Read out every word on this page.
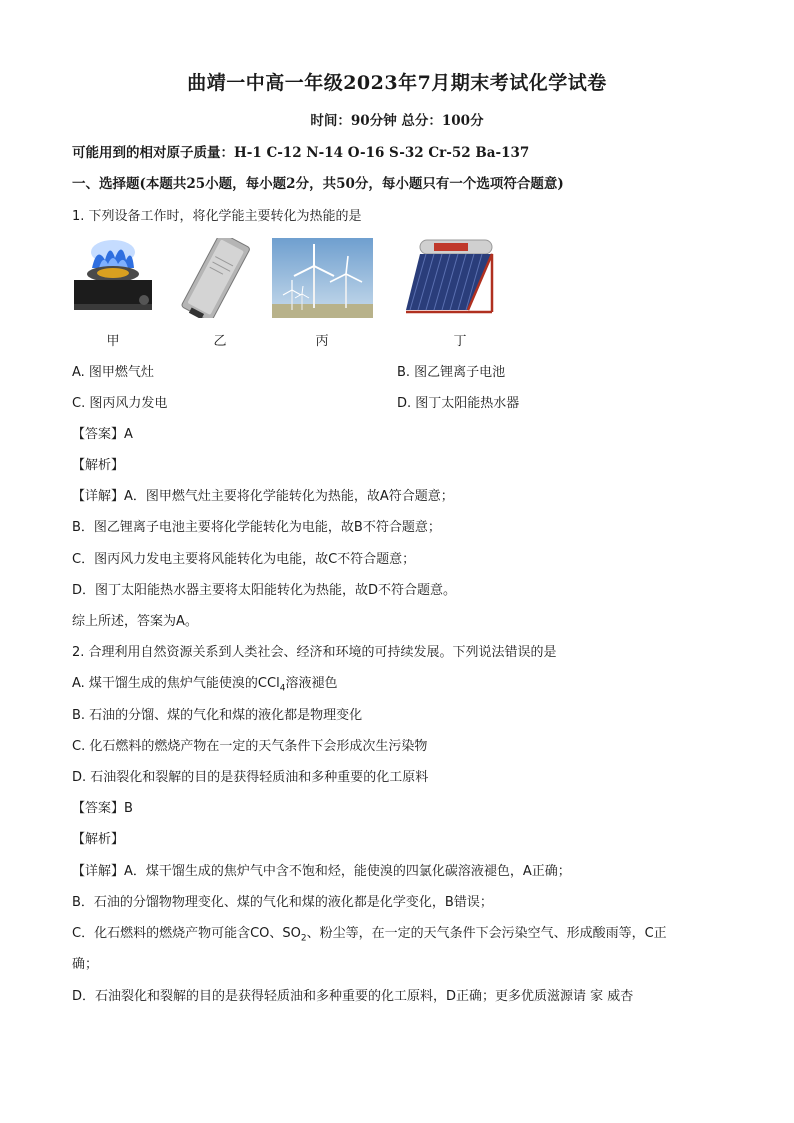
曲靖一中高一年级2023年7月期末考试化学试卷
时间：90分钟 总分：100分
可能用到的相对原子质量：H-1 C-12 N-14 O-16 S-32 Cr-52 Ba-137
一、选择题(本题共25小题，每小题2分，共50分，每小题只有一个选项符合题意)
1. 下列设备工作时，将化学能主要转化为热能的是
甲	乙	丙	丁
A. 图甲燃气灶	B. 图乙锂离子电池
C. 图丙风力发电	D. 图丁太阳能热水器
【答案】A
【解析】
【详解】A．图甲燃气灶主要将化学能转化为热能，故A符合题意；
B．图乙锂离子电池主要将化学能转化为电能，故B不符合题意；
C．图丙风力发电主要将风能转化为电能，故C不符合题意；
D．图丁太阳能热水器主要将太阳能转化为热能，故D不符合题意。
综上所述，答案为A。
2. 合理利用自然资源关系到人类社会、经济和环境的可持续发展。下列说法错误的是
A. 煤干馏生成的焦炉气能使溴的CCl$_4$溶液褪色
B. 石油的分馏、煤的气化和煤的液化都是物理变化
C. 化石燃料的燃烧产物在一定的天气条件下会形成次生污染物
D. 石油裂化和裂解的目的是获得轻质油和多种重要的化工原料
【答案】B
【解析】
【详解】A．煤干馏生成的焦炉气中含不饱和烃，能使溴的四氯化碳溶液褪色，A正确；
B．石油的分馏物物理变化、煤的气化和煤的液化都是化学变化，B错误；
C．化石燃料的燃烧产物可能含CO、$SO_2$、粉尘等，在一定的天气条件下会污染空气、形成酸雨等，C正
确；
D．石油裂化和裂解的目的是获得轻质油和多种重要的化工原料，D正确；更多优质滋源请 家 威杏
